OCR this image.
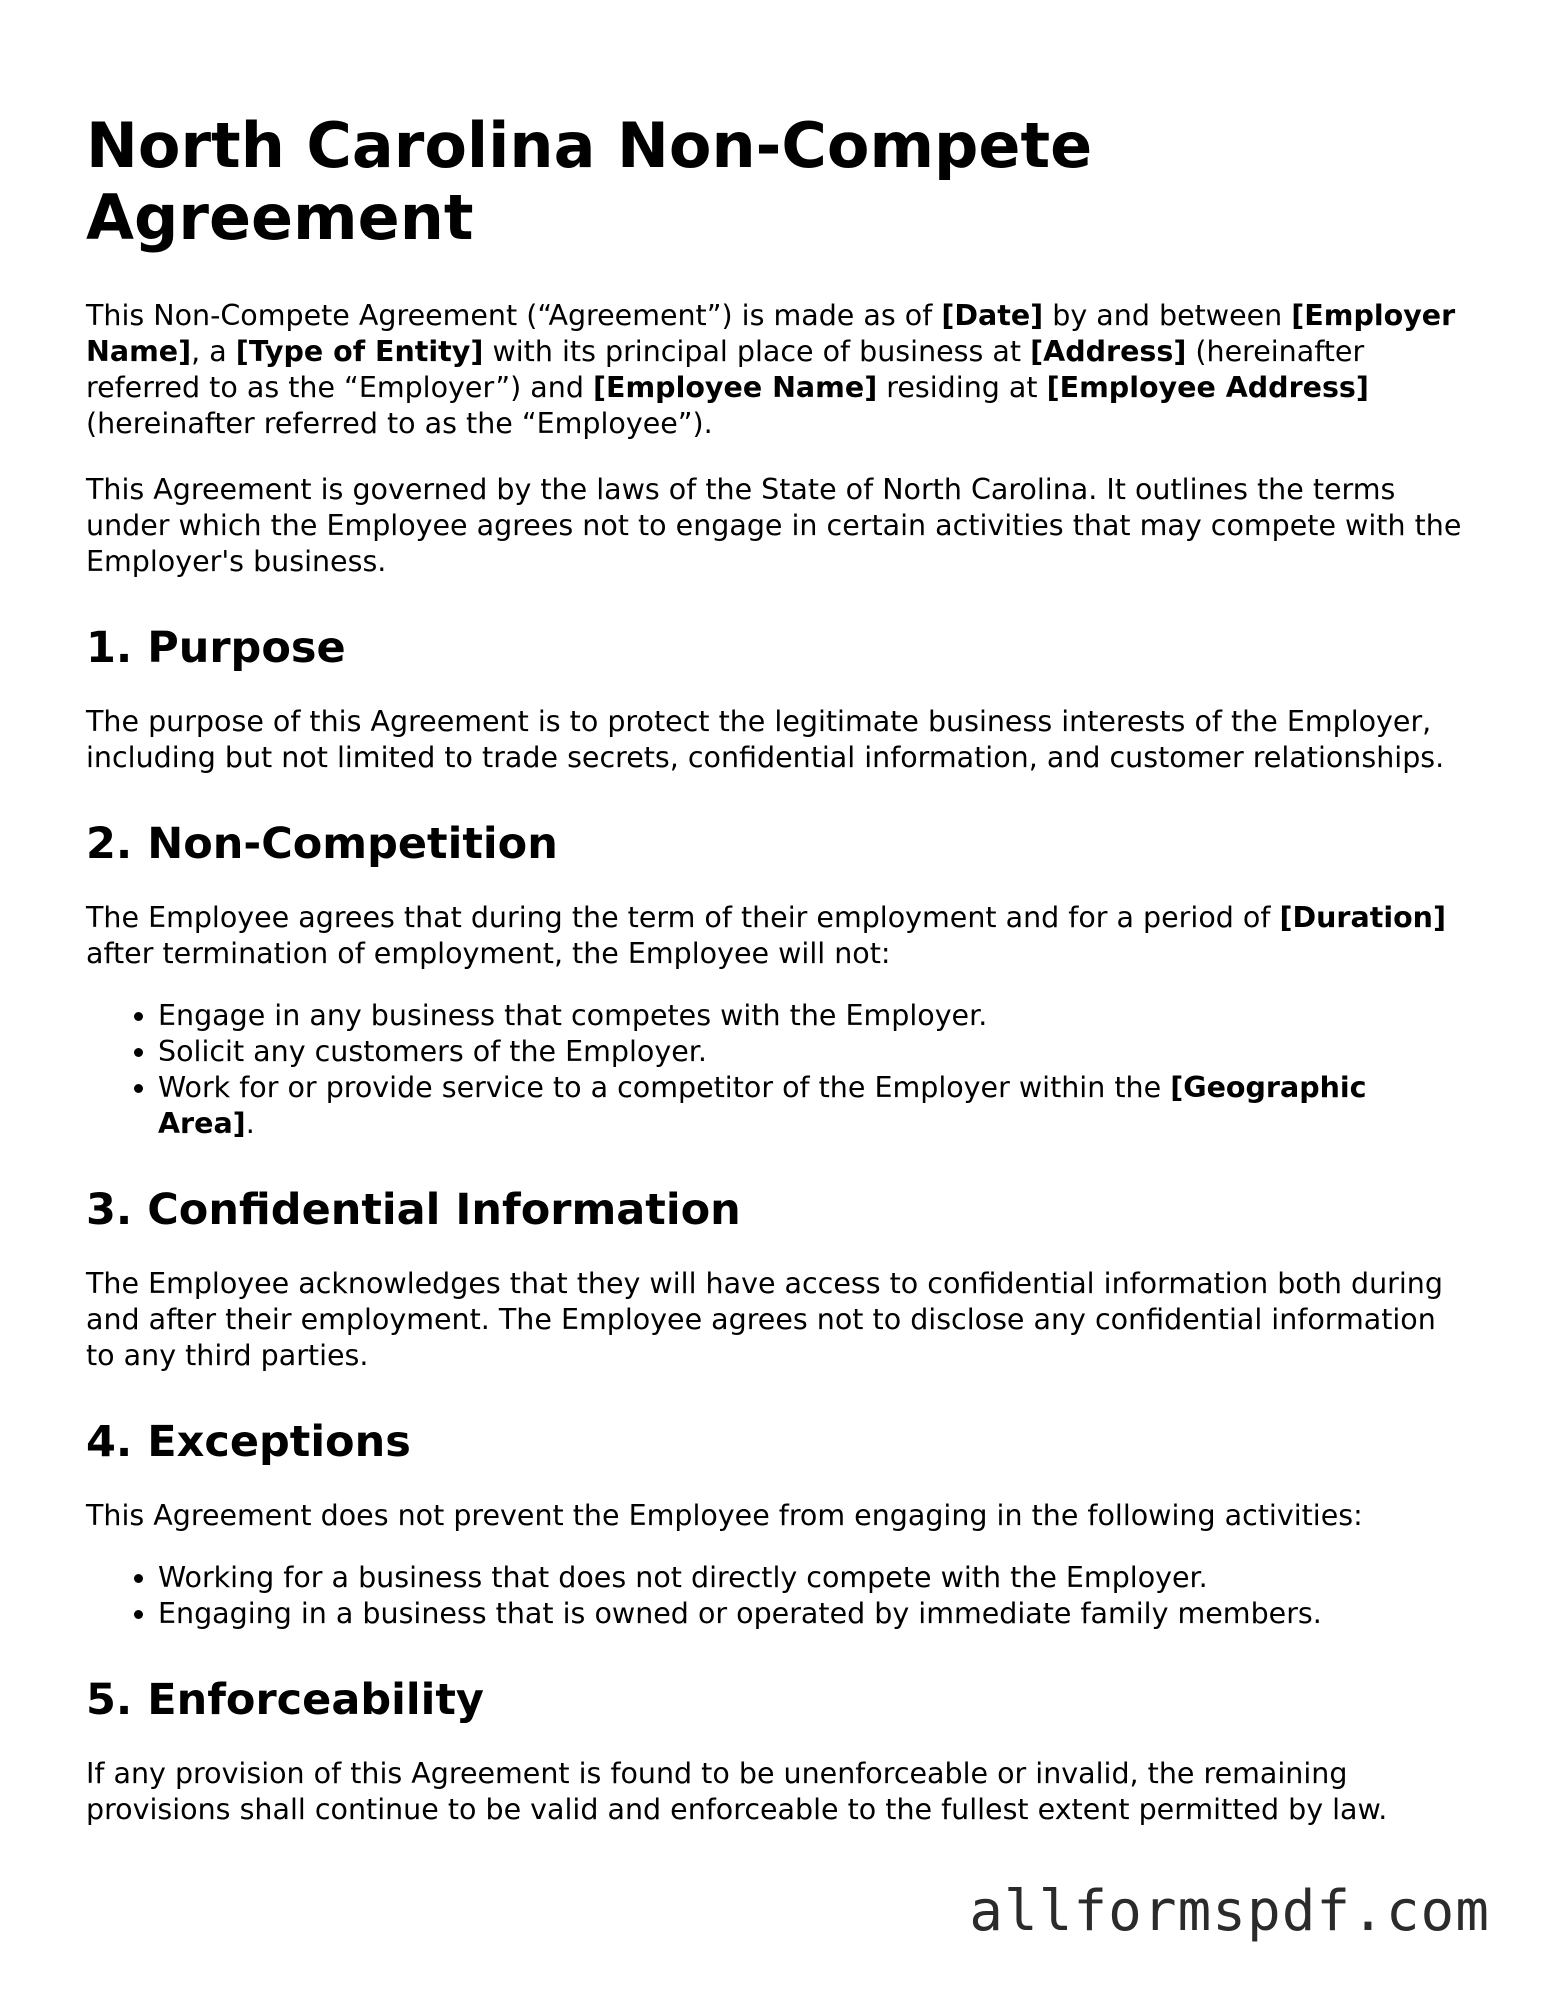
North Carolina Non-Compete Agreement

This Non-Compete Agreement (“Agreement”) is made as of [Date] by and between [Employer Name], a [Type of Entity] with its principal place of business at [Address] (hereinafter referred to as the “Employer”) and [Employee Name] residing at [Employee Address] (hereinafter referred to as the “Employee”).

This Agreement is governed by the laws of the State of North Carolina. It outlines the terms under which the Employee agrees not to engage in certain activities that may compete with the Employer's business.

1. Purpose

The purpose of this Agreement is to protect the legitimate business interests of the Employer, including but not limited to trade secrets, confidential information, and customer relationships.

2. Non-Competition

The Employee agrees that during the term of their employment and for a period of [Duration] after termination of employment, the Employee will not:

• Engage in any business that competes with the Employer.
• Solicit any customers of the Employer.
• Work for or provide service to a competitor of the Employer within the [Geographic Area].
3. Confidential Information

The Employee acknowledges that they will have access to confidential information both during and after their employment. The Employee agrees not to disclose any confidential information to any third parties.

4. Exceptions

This Agreement does not prevent the Employee from engaging in the following activities:

• Working for a business that does not directly compete with the Employer.
• Engaging in a business that is owned or operated by immediate family members.
5. Enforceability

If any provision of this Agreement is found to be unenforceable or invalid, the remaining provisions shall continue to be valid and enforceable to the fullest extent permitted by law.

allformspdf.com
